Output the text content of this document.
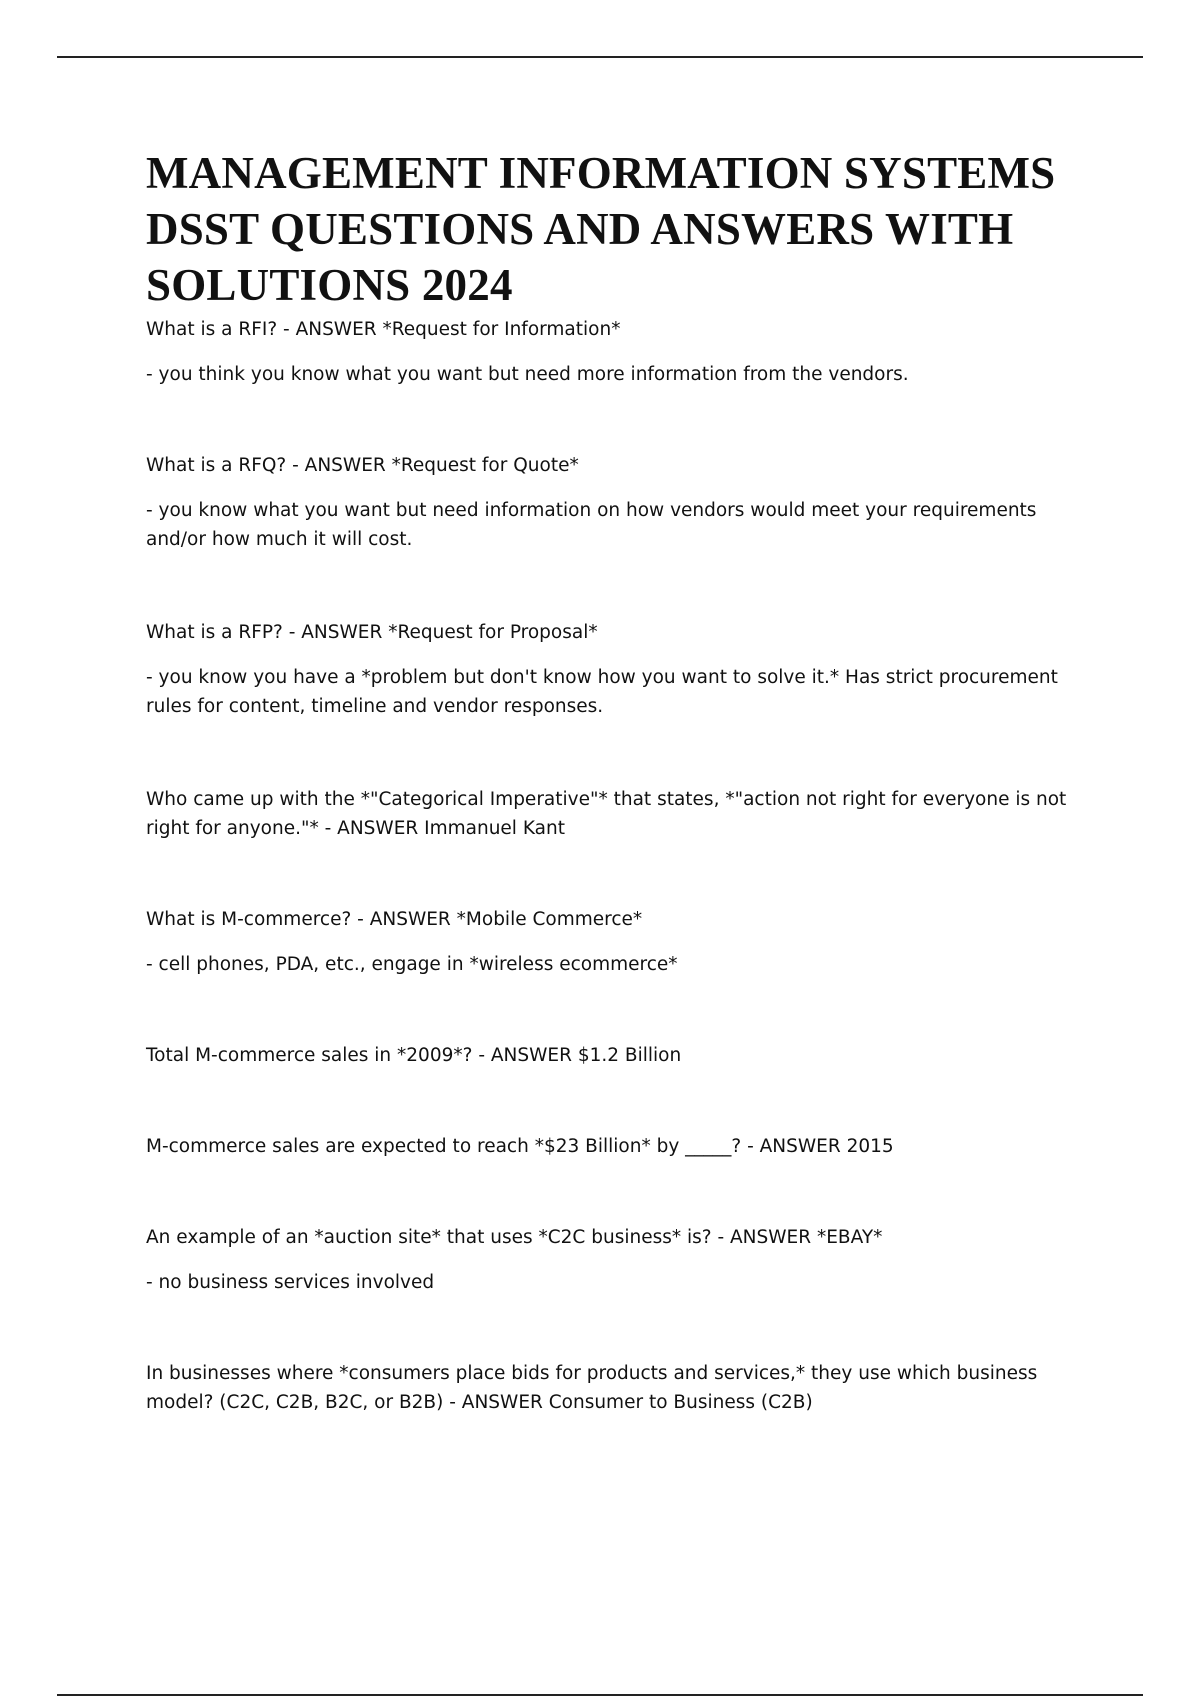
MANAGEMENT INFORMATION SYSTEMS DSST QUESTIONS AND ANSWERS WITH SOLUTIONS 2024

What is a RFI? - ANSWER *Request for Information*

- you think you know what you want but need more information from the vendors.

What is a RFQ? - ANSWER *Request for Quote*

- you know what you want but need information on how vendors would meet your requirements and/or how much it will cost.

What is a RFP? - ANSWER *Request for Proposal*

- you know you have a *problem but don't know how you want to solve it.* Has strict procurement rules for content, timeline and vendor responses.

Who came up with the *"Categorical Imperative"* that states, *"action not right for everyone is not right for anyone."* - ANSWER Immanuel Kant

What is M-commerce? - ANSWER *Mobile Commerce*

- cell phones, PDA, etc., engage in *wireless ecommerce*

Total M-commerce sales in *2009*? - ANSWER $1.2 Billion

M-commerce sales are expected to reach *$23 Billion* by _____? - ANSWER 2015

An example of an *auction site* that uses *C2C business* is? - ANSWER *EBAY*

- no business services involved

In businesses where *consumers place bids for products and services,* they use which business model? (C2C, C2B, B2C, or B2B) - ANSWER Consumer to Business (C2B)
